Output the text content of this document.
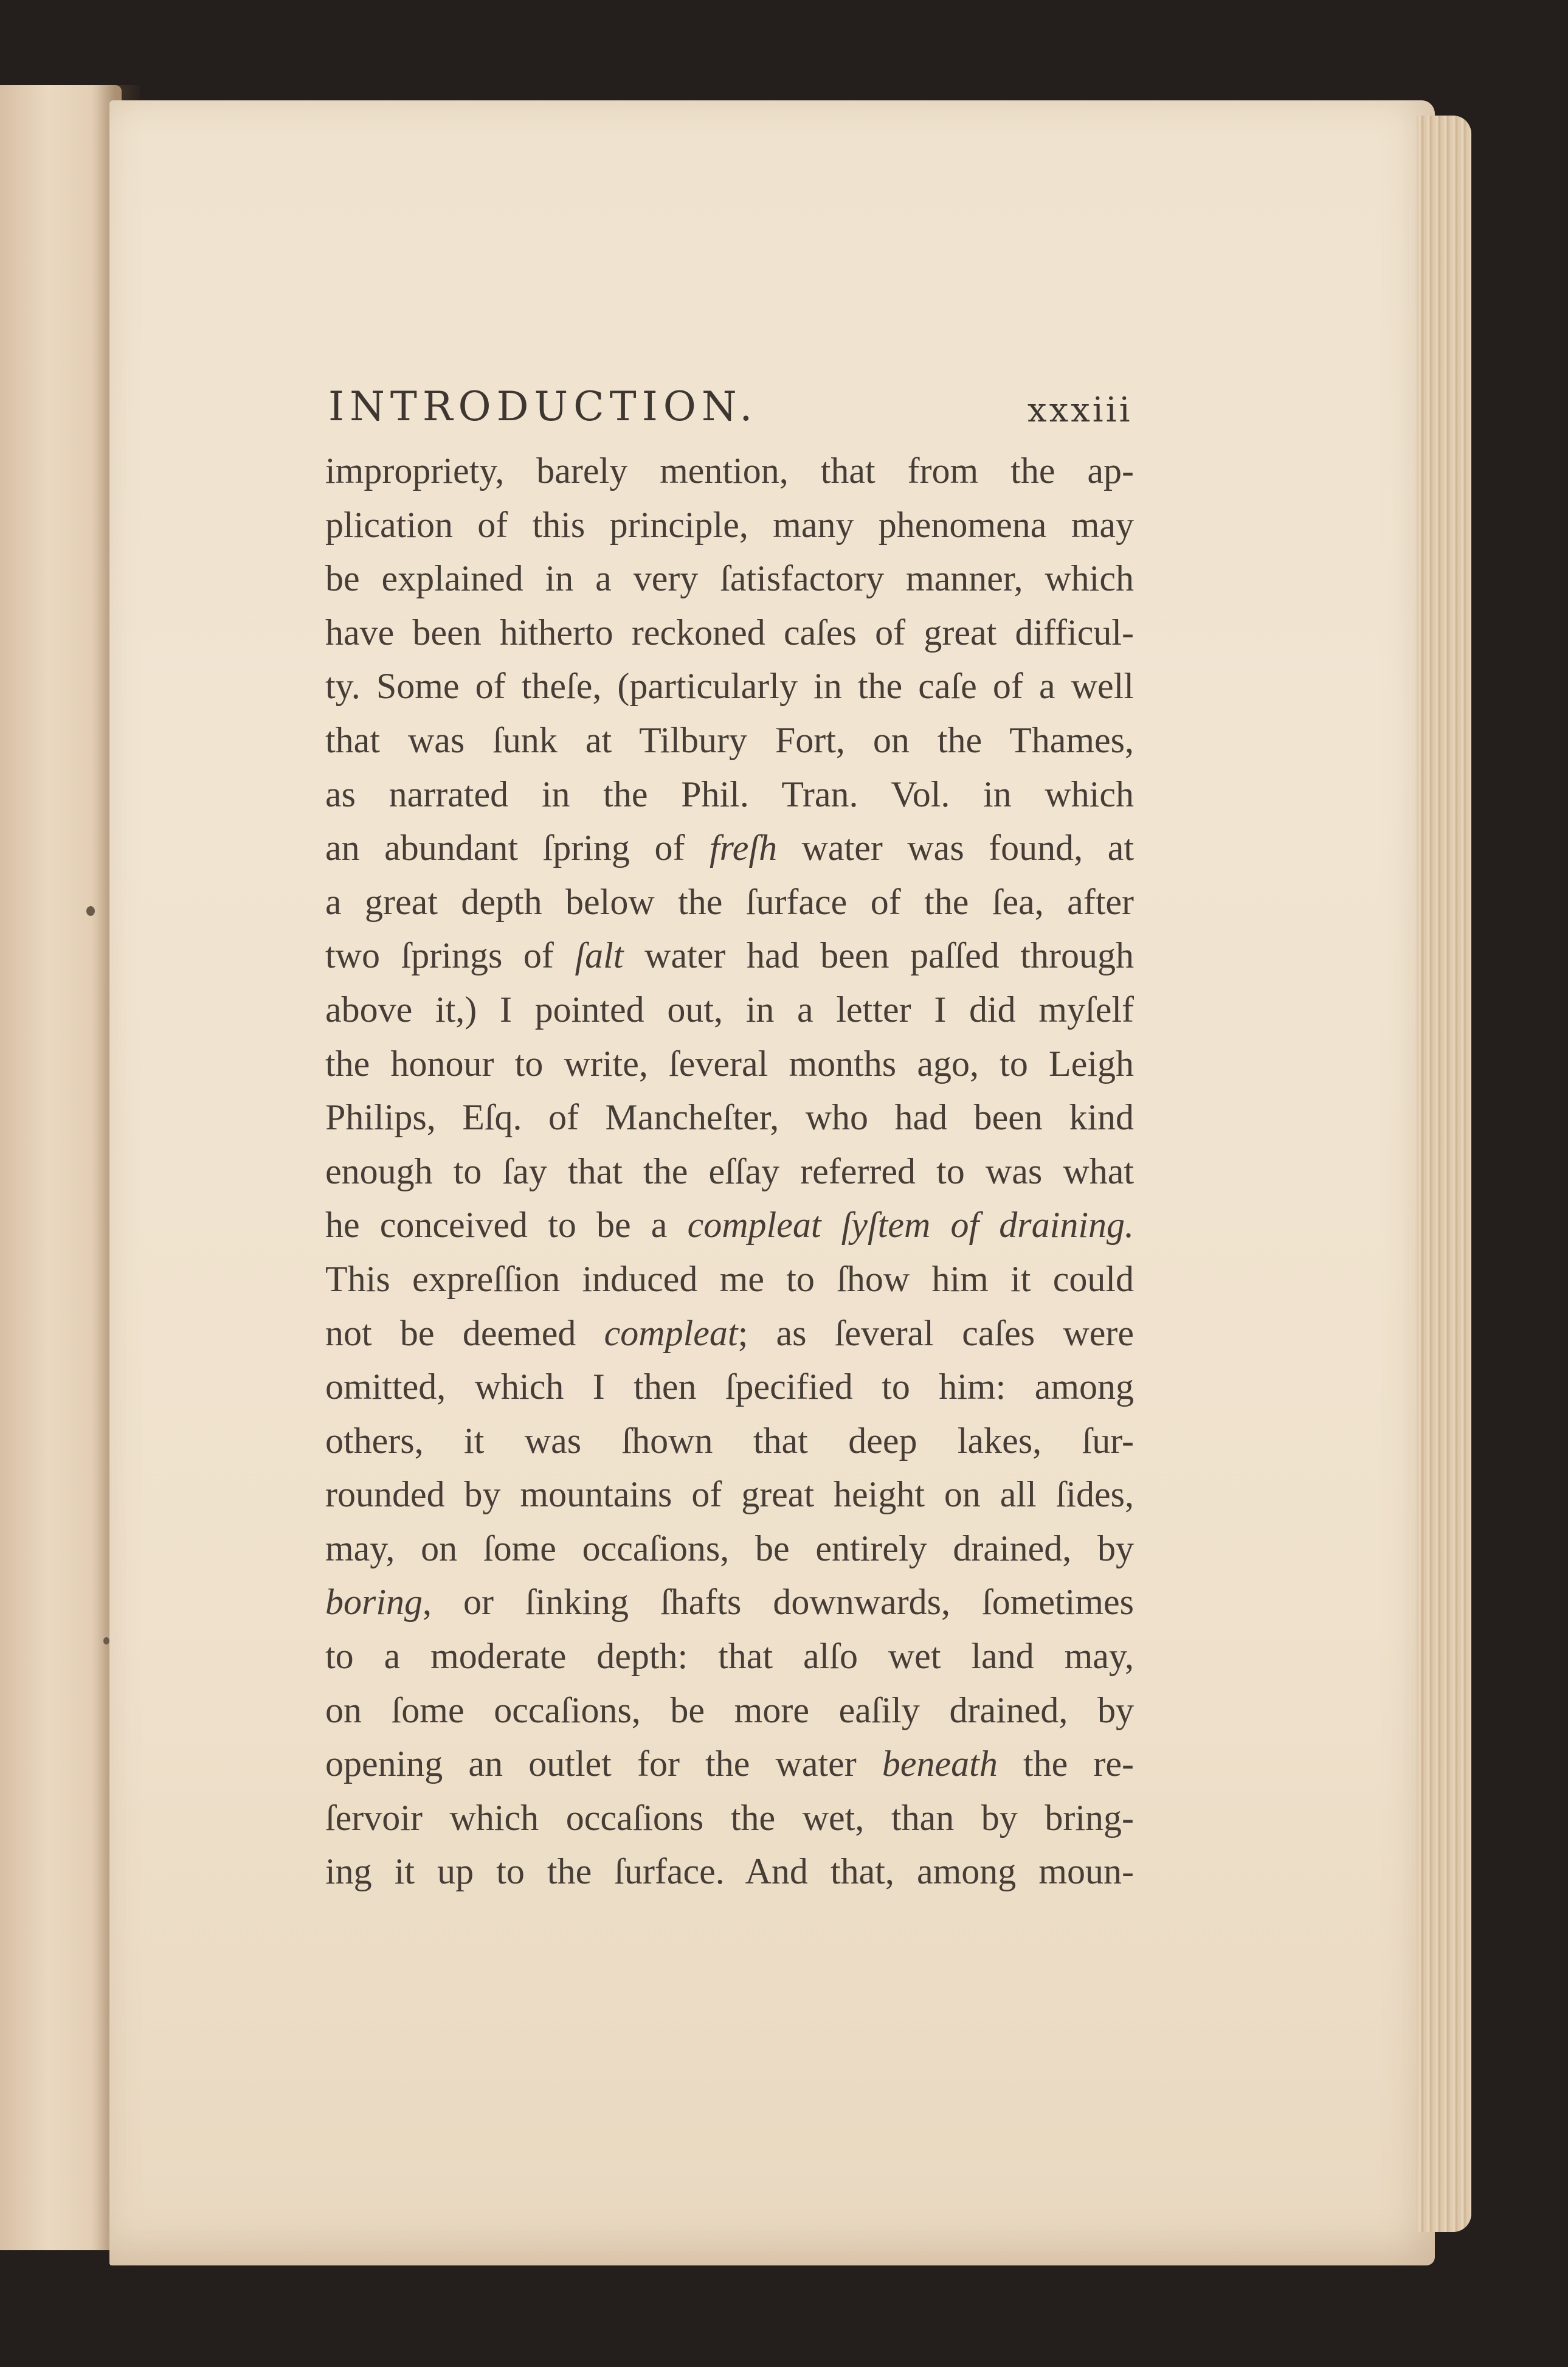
INTRODUCTION.	xxxiii
impropriety, barely mention, that from the ap-
plication of this principle, many phenomena may
be explained in a very ſatisfactory manner, which
have been hitherto reckoned caſes of great difficul-
ty. Some of theſe, (particularly in the caſe of a well
that was ſunk at Tilbury Fort, on the Thames,
as narrated in the Phil. Tran. Vol. in which
an abundant ſpring of freſh water was found, at
a great depth below the ſurface of the ſea, after
two ſprings of ſalt water had been paſſed through
above it,) I pointed out, in a letter I did myſelf
the honour to write, ſeveral months ago, to Leigh
Philips, Eſq. of Mancheſter, who had been kind
enough to ſay that the eſſay referred to was what
he conceived to be a compleat ſyſtem of draining.
This expreſſion induced me to ſhow him it could
not be deemed compleat; as ſeveral caſes were
omitted, which I then ſpecified to him: among
others, it was ſhown that deep lakes, ſur-
rounded by mountains of great height on all ſides,
may, on ſome occaſions, be entirely drained, by
boring, or ſinking ſhafts downwards, ſometimes
to a moderate depth: that alſo wet land may,
on ſome occaſions, be more eaſily drained, by
opening an outlet for the water beneath the re-
ſervoir which occaſions the wet, than by bring-
ing it up to the ſurface. And that, among moun-
